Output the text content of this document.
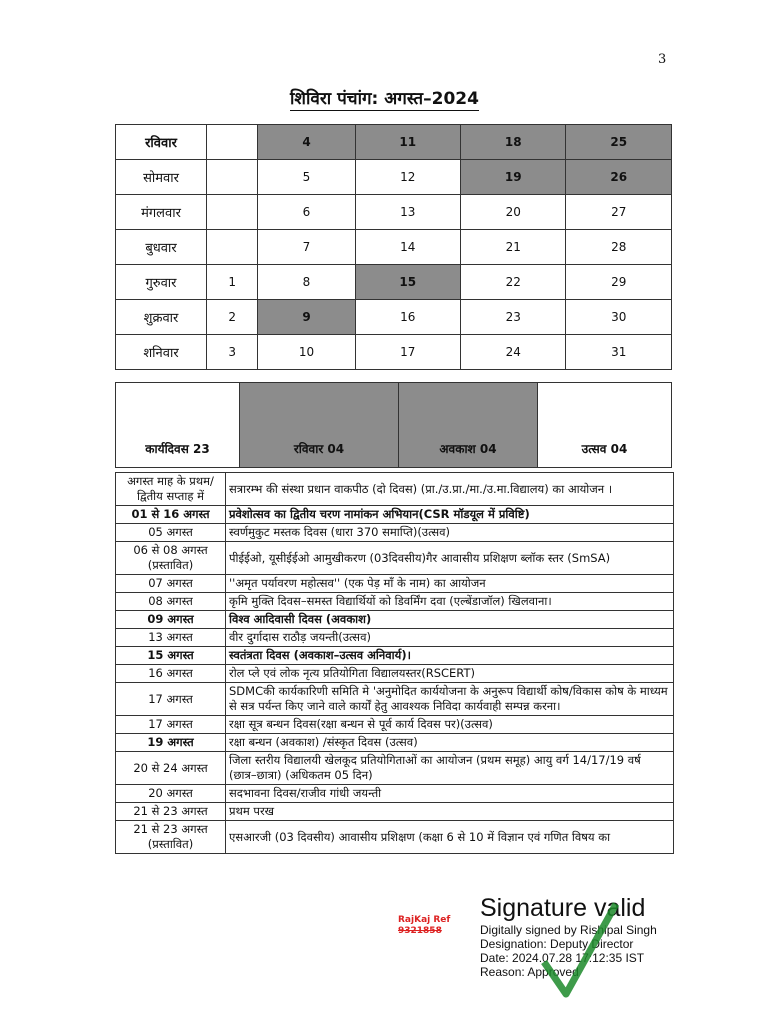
3
शिविरा पंचांग: अगस्त–2024
रविवार		4	11	18	25
सोमवार		5	12	19	26
मंगलवार		6	13	20	27
बुधवार		7	14	21	28
गुरुवार	1	8	15	22	29
शुक्रवार	2	9	16	23	30
शनिवार	3	10	17	24	31
कार्यदिवस 23	रविवार 04	अवकाश 04	उत्सव 04
अगस्त माह के प्रथम/द्वितीय सप्ताह में	सत्रारम्भ की संस्था प्रधान वाकपीठ (दो दिवस) (प्रा./उ.प्रा./मा./उ.मा.विद्यालय) का आयोजन ।
01 से 16 अगस्त	प्रवेशोत्सव का द्वितीय चरण नामांकन अभियान(CSR मॉडयूल में प्रविष्टि)
05 अगस्त	स्वर्णमुकुट मस्तक दिवस (धारा 370 समाप्ति)(उत्सव)
06 से 08 अगस्त (प्रस्तावित)	पीईईओ, यूसीईईओ आमुखीकरण (03दिवसीय)गैर आवासीय प्रशिक्षण ब्लॉक स्तर (SmSA)
07 अगस्त	''अमृत पर्यावरण महोत्सव'' (एक पेड़ माँ के नाम) का आयोजन
08 अगस्त	कृमि मुक्ति दिवस–समस्त विद्यार्थियों को डिवर्मिंग दवा (एल्बेंडाजॉल) खिलवाना।
09 अगस्त	विश्व आदिवासी दिवस (अवकाश)
13 अगस्त	वीर दुर्गादास राठौड़ जयन्ती(उत्सव)
15 अगस्त	स्वतंत्रता दिवस (अवकाश–उत्सव अनिवार्य)।
16 अगस्त	रोल प्ले एवं लोक नृत्य प्रतियोगिता विद्यालयस्तर(RSCERT)
17 अगस्त	SDMCकी कार्यकारिणी समिति मे 'अनुमोदित कार्ययोजना के अनुरूप विद्यार्थी कोष/विकास कोष के माध्यम से सत्र पर्यन्त किए जाने वाले कार्यों हेतु आवश्यक निविदा कार्यवाही सम्पन्न करना।
17 अगस्त	रक्षा सूत्र बन्धन दिवस(रक्षा बन्धन से पूर्व कार्य दिवस पर)(उत्सव)
19 अगस्त	रक्षा बन्धन (अवकाश) /संस्कृत दिवस (उत्सव)
20 से 24 अगस्त	जिला स्तरीय विद्यालयी खेलकूद प्रतियोगिताओं का आयोजन (प्रथम समूह) आयु वर्ग 14/17/19 वर्ष (छात्र–छात्रा) (अधिकतम 05 दिन)
20 अगस्त	सदभावना दिवस/राजीव गांधी जयन्ती
21 से 23 अगस्त	प्रथम परख
21 से 23 अगस्त (प्रस्तावित)	एसआरजी (03 दिवसीय) आवासीय प्रशिक्षण (कक्षा 6 से 10 में विज्ञान एवं गणित विषय का
RajKaj Ref
9321858
Signature valid
Digitally signed by Rishipal Singh
Designation: Deputy Director
Date: 2024.07.28 17:12:35 IST
Reason: Approved
